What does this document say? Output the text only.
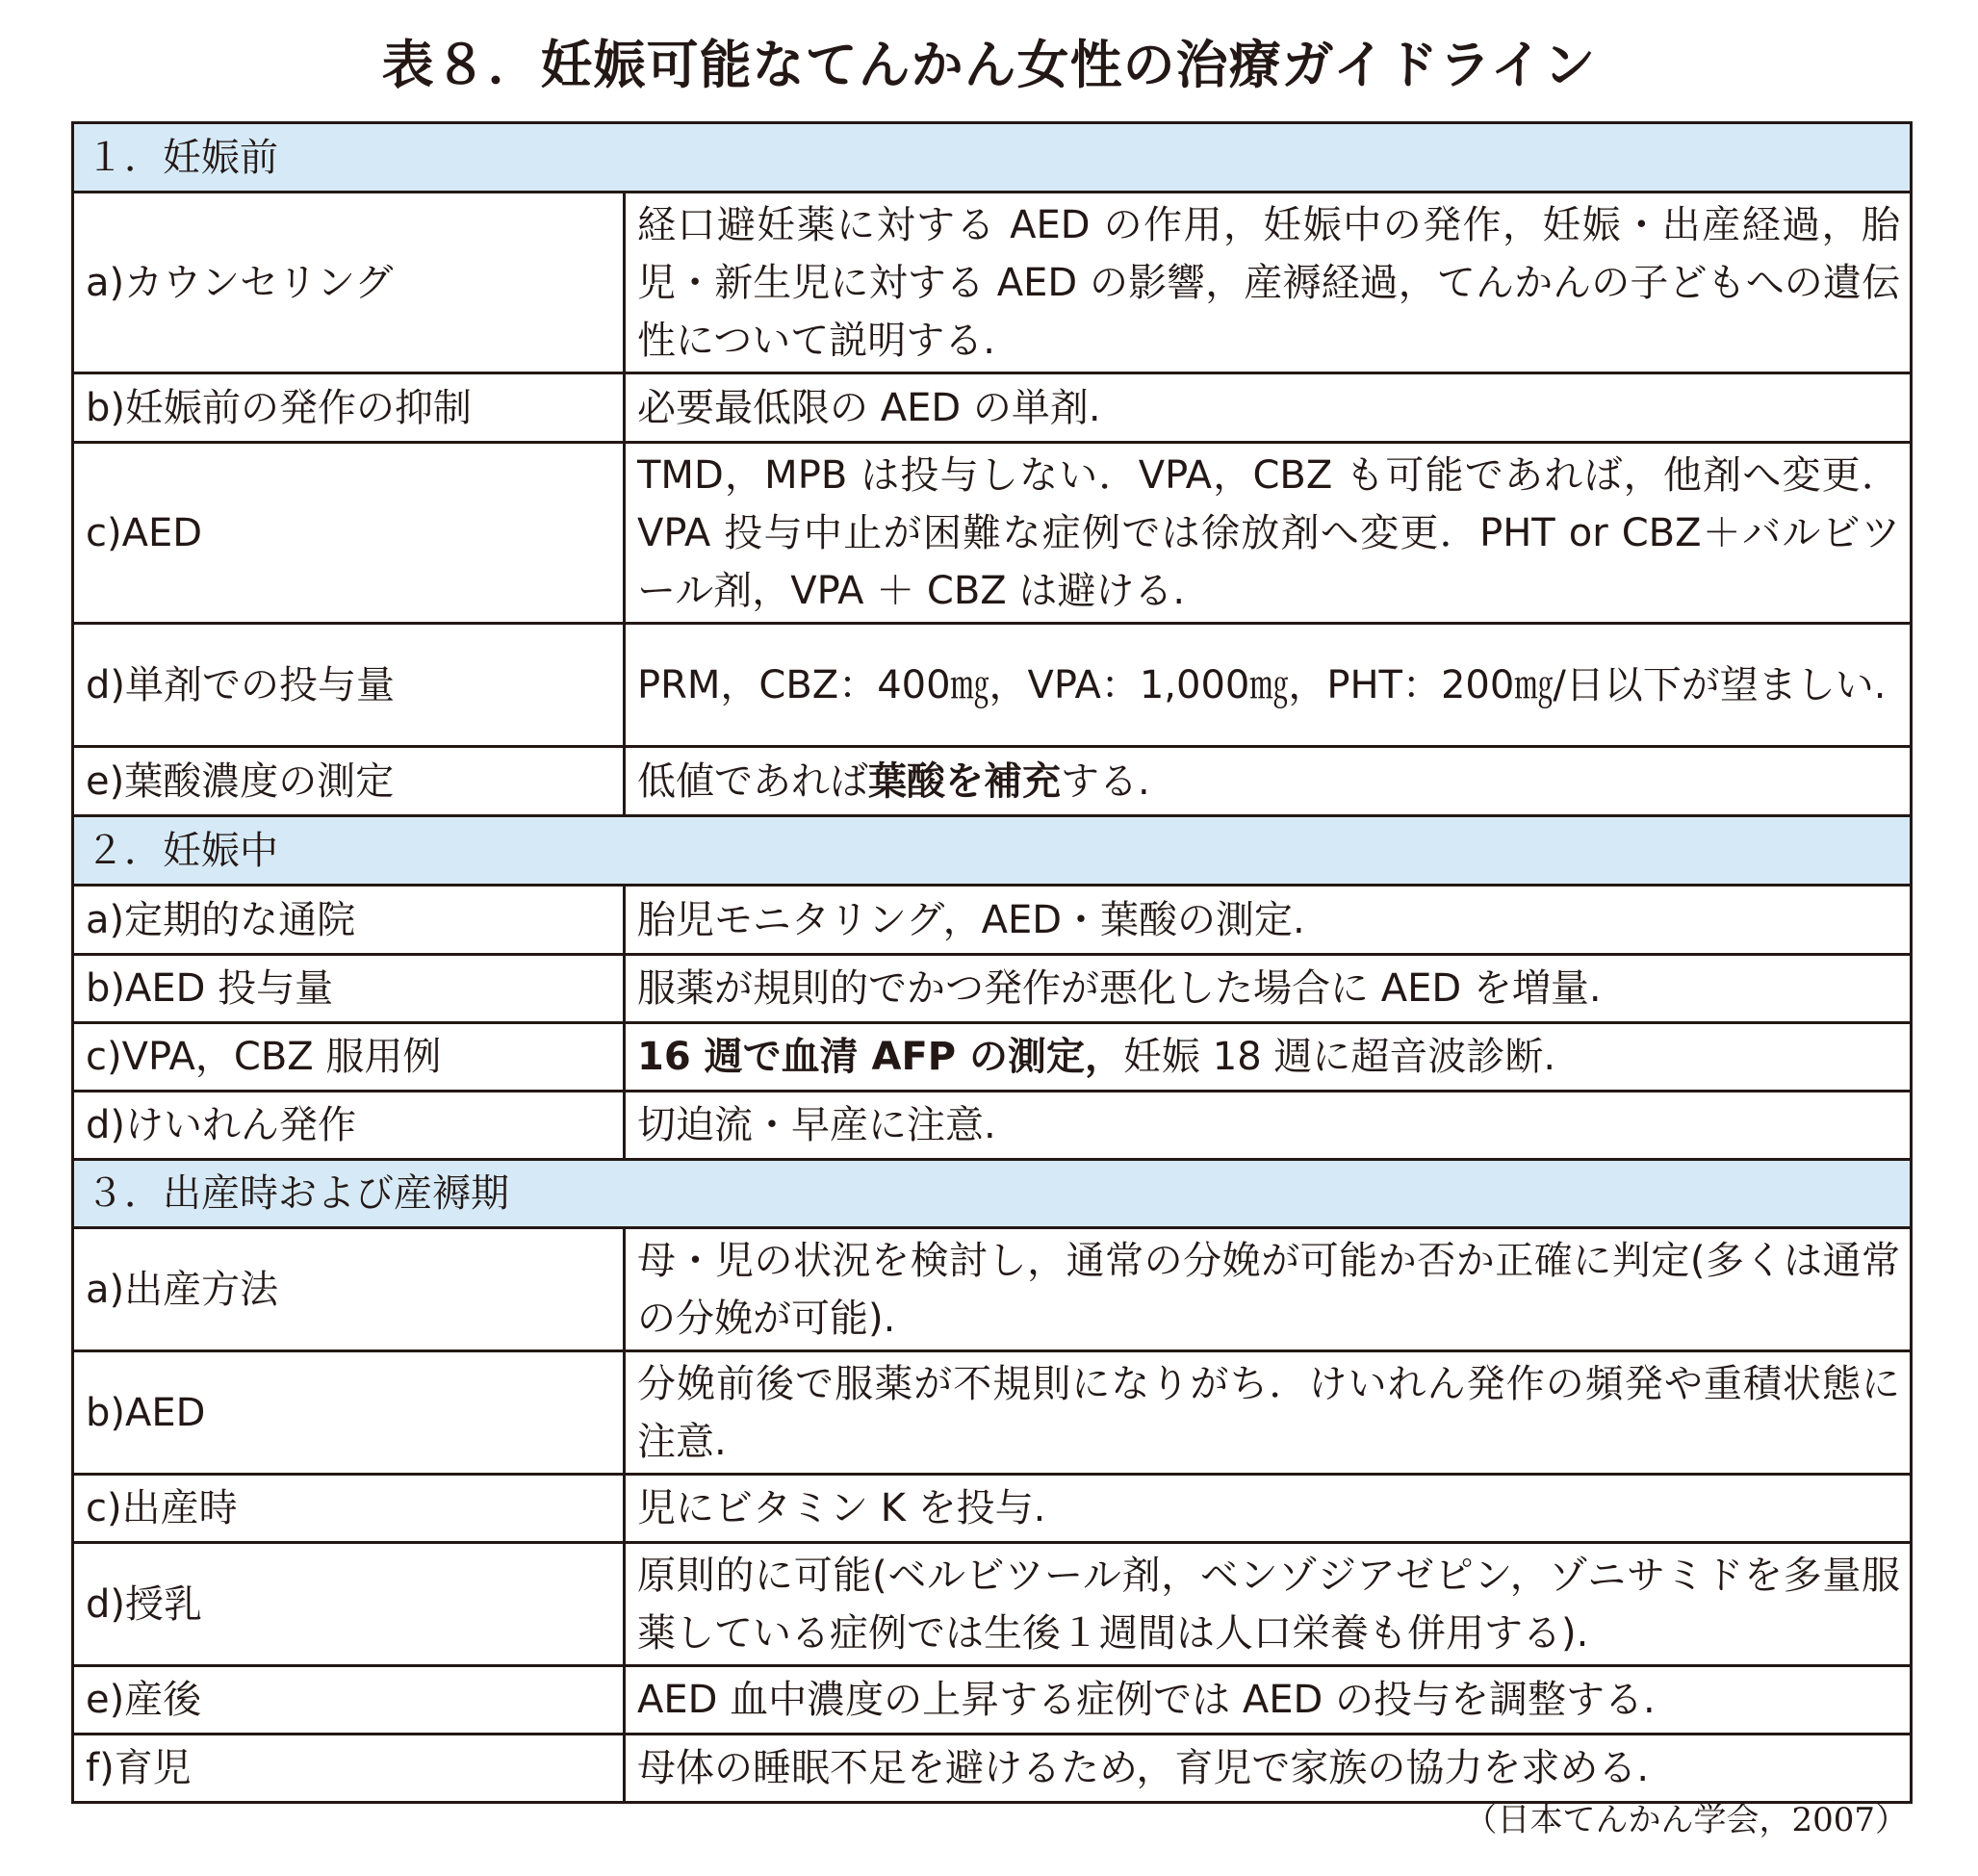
表８．妊娠可能なてんかん女性の治療ガイドライン
１．妊娠前	
a)カウンセリング	経口避妊薬に対する AED の作用，妊娠中の発作，妊娠・出産経過，胎児・新生児に対する AED の影響，産褥経過，てんかんの子どもへの遺伝性について説明する.
b)妊娠前の発作の抑制	必要最低限の AED の単剤.
c)AED	TMD，MPB は投与しない．VPA，CBZ も可能であれば，他剤へ変更．VPA 投与中止が困難な症例では徐放剤へ変更．PHT or CBZ＋バルビツール剤，VPA ＋ CBZ は避ける.
d)単剤での投与量	PRM，CBZ：400㎎，VPA：1,000㎎，PHT：200㎎/日以下が望ましい.
e)葉酸濃度の測定	低値であれば葉酸を補充する.
２．妊娠中	
a)定期的な通院	胎児モニタリング，AED・葉酸の測定.
b)AED 投与量	服薬が規則的でかつ発作が悪化した場合に AED を増量.
c)VPA，CBZ 服用例	16 週で血清 AFP の測定，妊娠 18 週に超音波診断.
d)けいれん発作	切迫流・早産に注意.
３．出産時および産褥期	
a)出産方法	母・児の状況を検討し，通常の分娩が可能か否か正確に判定(多くは通常の分娩が可能).
b)AED	分娩前後で服薬が不規則になりがち．けいれん発作の頻発や重積状態に注意.
c)出産時	児にビタミン K を投与.
d)授乳	原則的に可能(ベルビツール剤，ベンゾジアゼピン，ゾニサミドを多量服薬している症例では生後１週間は人口栄養も併用する).
e)産後	AED 血中濃度の上昇する症例では AED の投与を調整する.
f)育児	母体の睡眠不足を避けるため，育児で家族の協力を求める.
（日本てんかん学会，2007）
